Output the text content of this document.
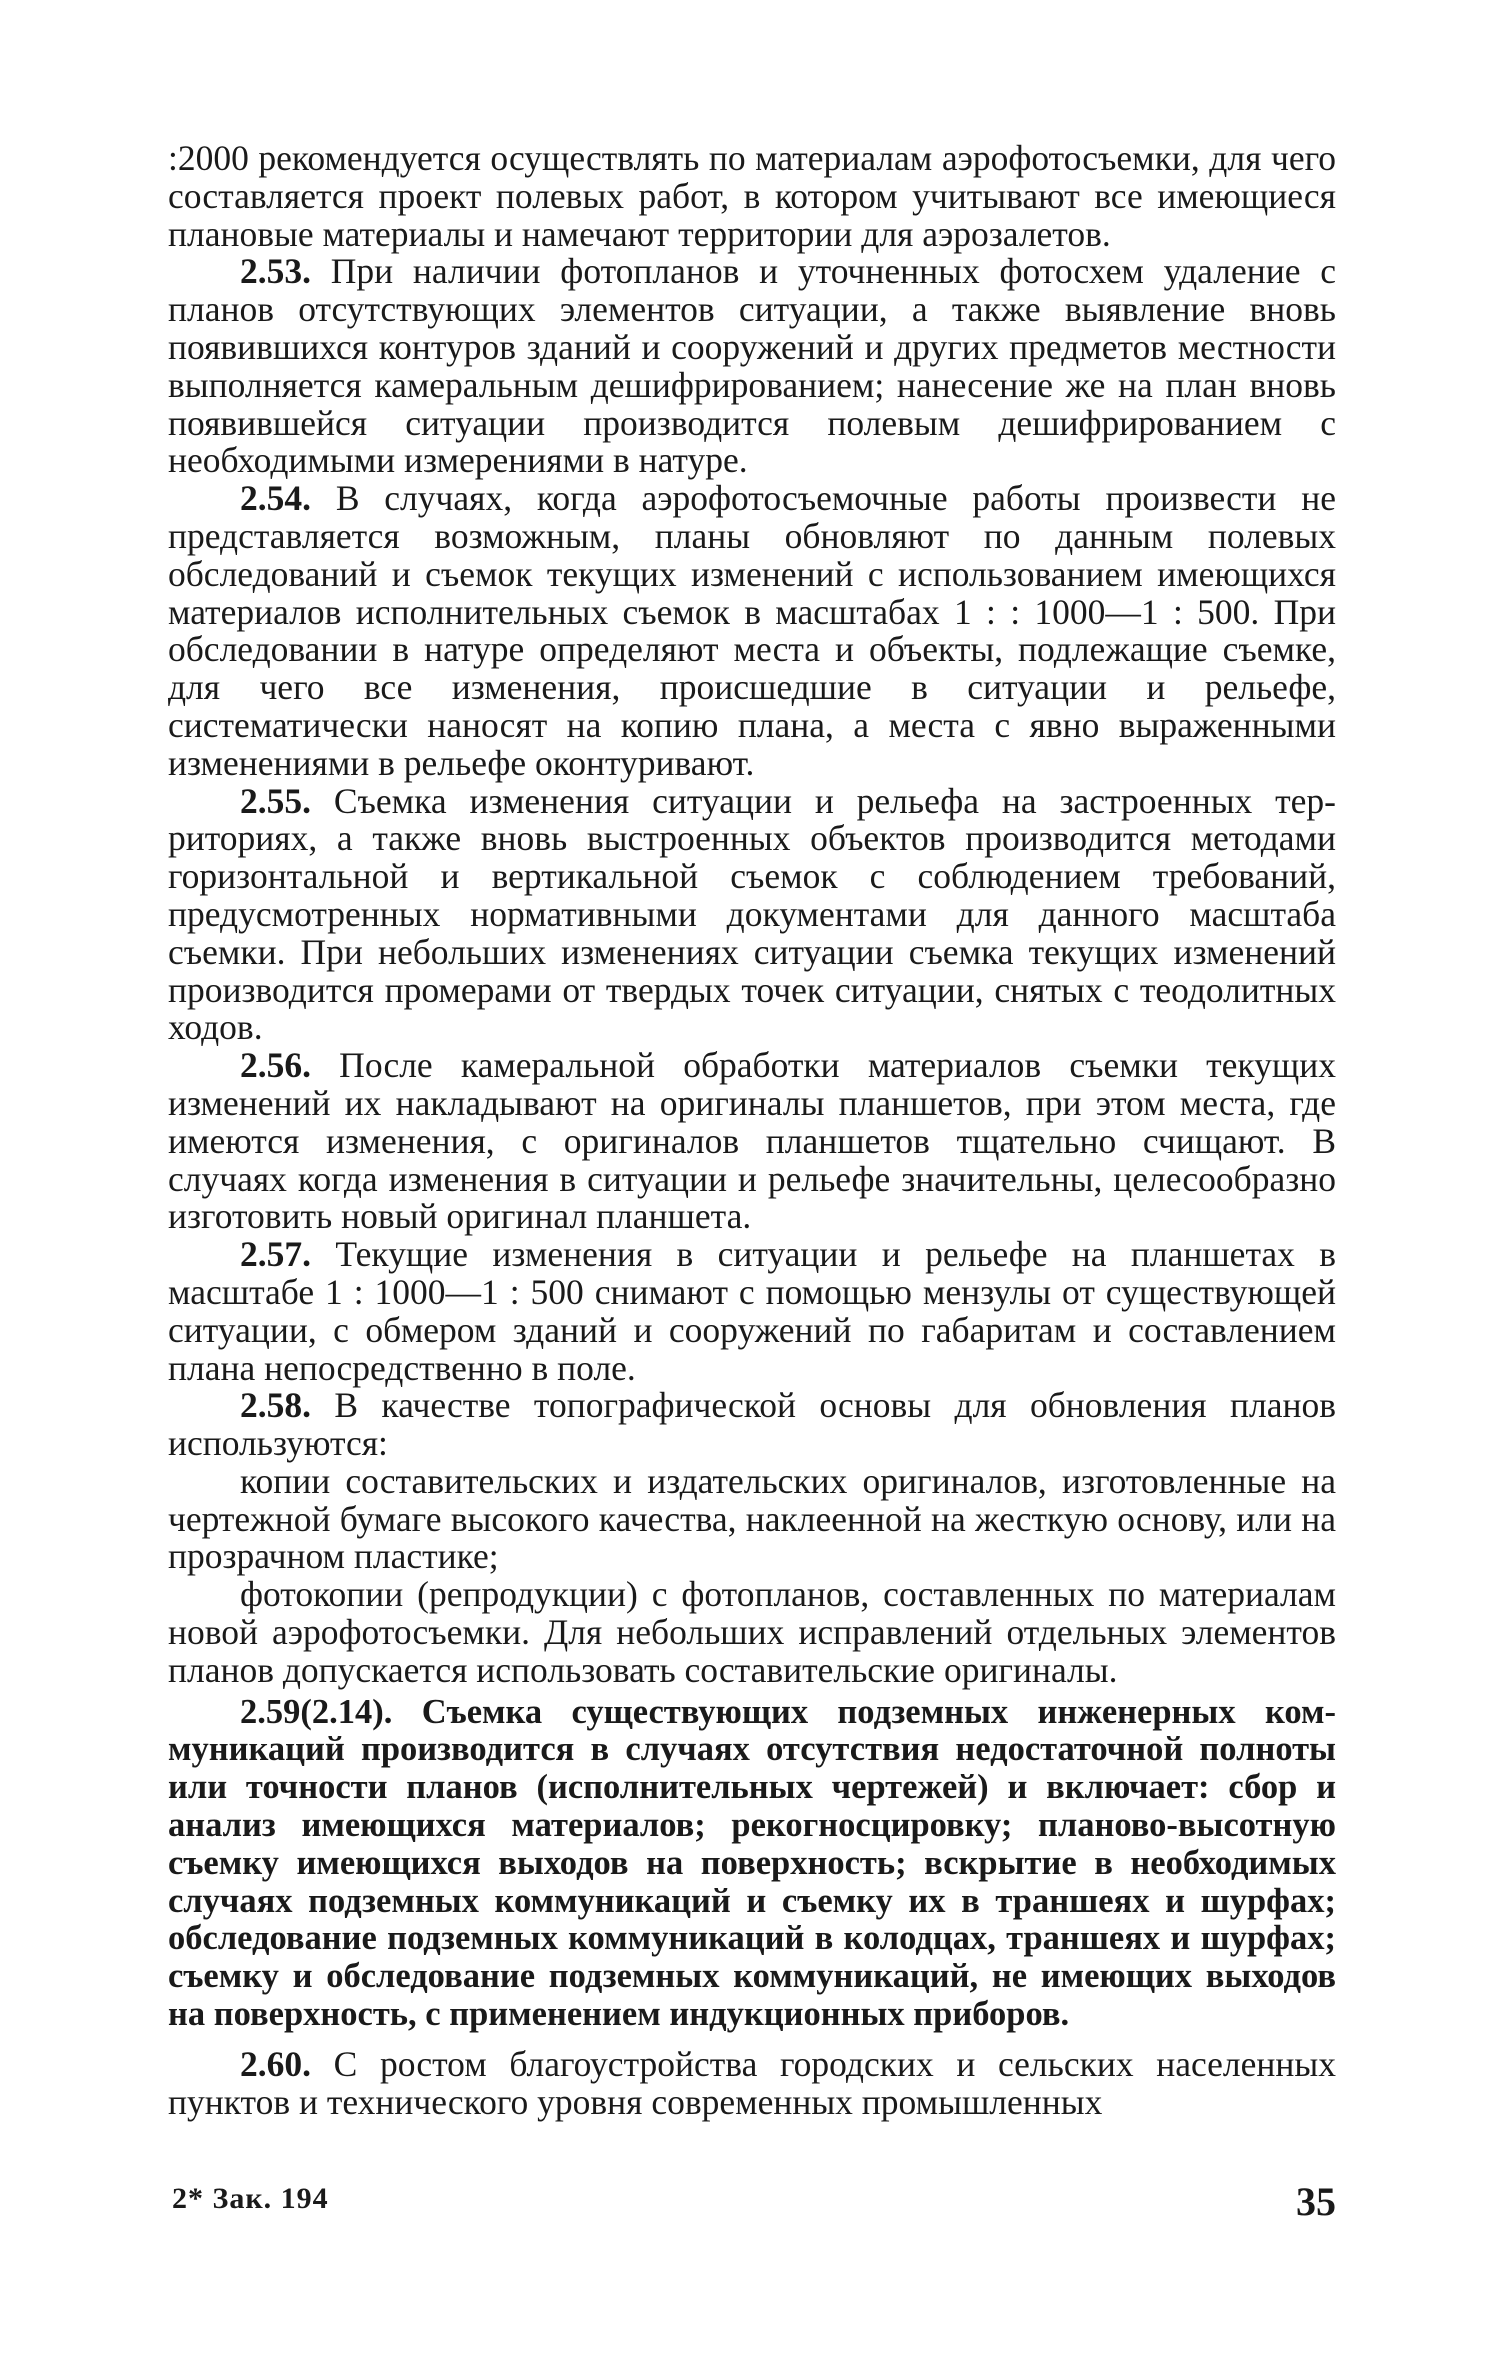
:2000 рекомендуется осуществлять по материалам аэрофотосъемки, для чего составляется проект полевых работ, в котором учитывают все имеющиеся плановые материалы и намечают территории для аэрозалетов.

2.53. При наличии фотопланов и уточненных фотосхем удаление с планов отсутствующих элементов ситуации, а также выявление вновь появившихся контуров зданий и сооружений и других предметов местности выполняется камеральным дешифрированием; нанесение же на план вновь появившейся ситуации производится полевым дешифрированием с необходимыми измерениями в натуре.

2.54. В случаях, когда аэрофотосъемочные работы произвести не представляется возможным, планы обновляют по данным полевых обследований и съемок текущих изменений с использованием имеющихся материалов исполнительных съемок в масштабах 1 : : 1000—1 : 500. При обследовании в натуре определяют места и объекты, подлежащие съемке, для чего все изменения, происшедшие в ситуации и рельефе, систематически наносят на копию плана, а места с явно выраженными изменениями в рельефе оконтуривают.

2.55. Съемка изменения ситуации и рельефа на застроенных территориях, а также вновь выстроенных объектов производится методами горизонтальной и вертикальной съемок с соблюдением требований, предусмотренных нормативными документами для данного масштаба съемки. При небольших изменениях ситуации съемка текущих изменений производится промерами от твердых точек ситуации, снятых с теодолитных ходов.

2.56. После камеральной обработки материалов съемки текущих изменений их накладывают на оригиналы планшетов, при этом места, где имеются изменения, с оригиналов планшетов тщательно счищают. В случаях когда изменения в ситуации и рельефе значительны, целесообразно изготовить новый оригинал планшета.

2.57. Текущие изменения в ситуации и рельефе на планшетах в масштабе 1 : 1000—1 : 500 снимают с помощью мензулы от существующей ситуации, с обмером зданий и сооружений по габаритам и составлением плана непосредственно в поле.

2.58. В качестве топографической основы для обновления планов используются:

копии составительских и издательских оригиналов, изготовленные на чертежной бумаге высокого качества, наклеенной на жесткую основу, или на прозрачном пластике;

фотокопии (репродукции) с фотопланов, составленных по материалам новой аэрофотосъемки. Для небольших исправлений отдельных элементов планов допускается использовать составительские оригиналы.

2.59(2.14). Съемка существующих подземных инженерных коммуникаций производится в случаях отсутствия недостаточной полноты или точности планов (исполнительных чертежей) и включает: сбор и анализ имеющихся материалов; рекогносцировку; планово-высотную съемку имеющихся выходов на поверхность; вскрытие в необходимых случаях подземных коммуникаций и съемку их в траншеях и шурфах; обследование подземных коммуникаций в колодцах, траншеях и шурфах; съемку и обследование подземных коммуникаций, не имеющих выходов на поверхность, с применением индукционных приборов.

2.60. С ростом благоустройства городских и сельских населенных пунктов и технического уровня современных промышленных

2* Зак. 194	35
